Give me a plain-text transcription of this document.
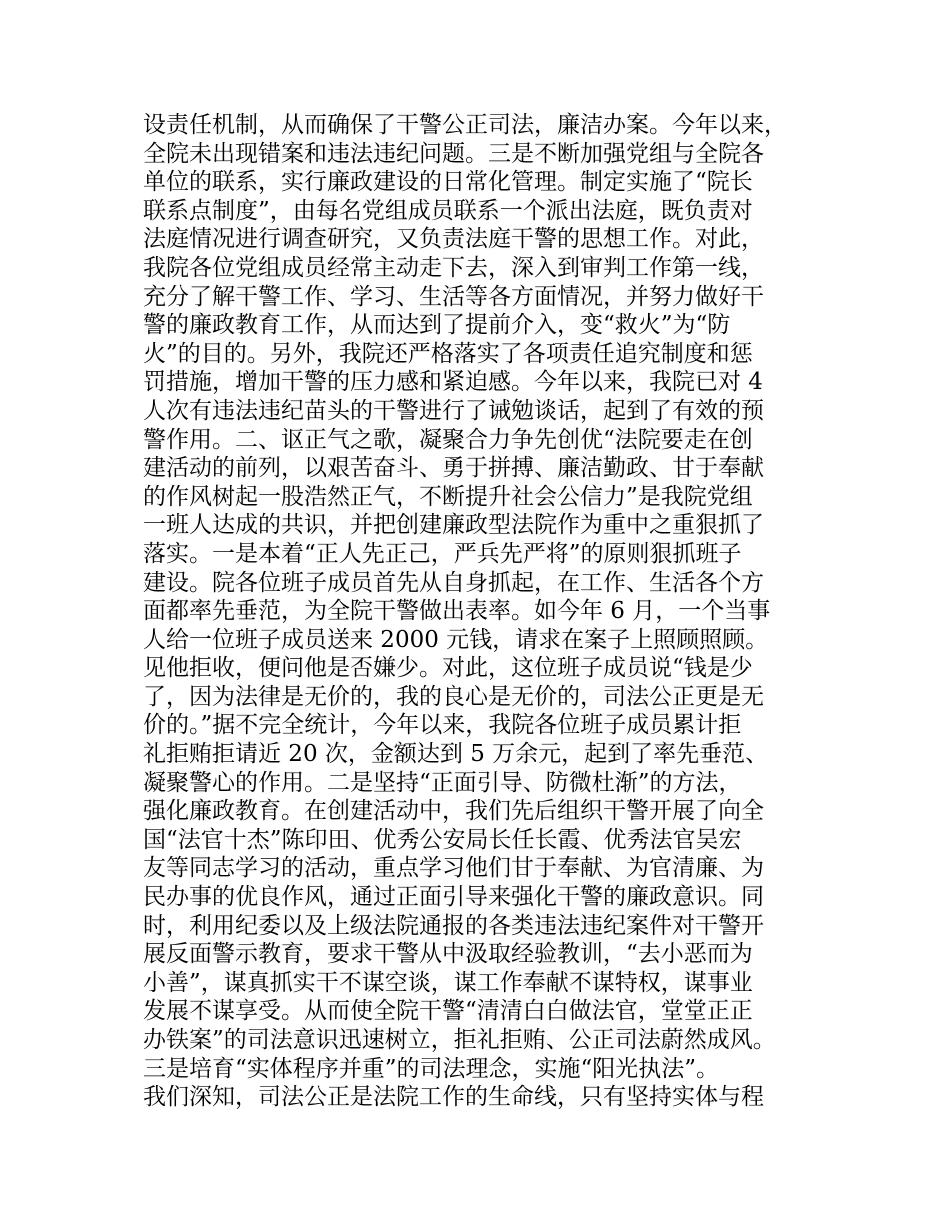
设责任机制，从而确保了干警公正司法，廉洁办案。今年以来，
全院未出现错案和违法违纪问题。三是不断加强党组与全院各
单位的联系，实行廉政建设的日常化管理。制定实施了“院长
联系点制度”，由每名党组成员联系一个派出法庭，既负责对
法庭情况进行调查研究，又负责法庭干警的思想工作。对此，
我院各位党组成员经常主动走下去，深入到审判工作第一线，
充分了解干警工作、学习、生活等各方面情况，并努力做好干
警的廉政教育工作，从而达到了提前介入，变“救火”为“防
火”的目的。另外，我院还严格落实了各项责任追究制度和惩
罚措施，增加干警的压力感和紧迫感。今年以来，我院已对 4
人次有违法违纪苗头的干警进行了诫勉谈话，起到了有效的预
警作用。二、讴正气之歌，凝聚合力争先创优“法院要走在创
建活动的前列，以艰苦奋斗、勇于拼搏、廉洁勤政、甘于奉献
的作风树起一股浩然正气，不断提升社会公信力”是我院党组
一班人达成的共识，并把创建廉政型法院作为重中之重狠抓了
落实。一是本着“正人先正己，严兵先严将”的原则狠抓班子
建设。院各位班子成员首先从自身抓起，在工作、生活各个方
面都率先垂范，为全院干警做出表率。如今年 6 月，一个当事
人给一位班子成员送来 2000 元钱，请求在案子上照顾照顾。
见他拒收，便问他是否嫌少。对此，这位班子成员说“钱是少
了，因为法律是无价的，我的良心是无价的，司法公正更是无
价的。”据不完全统计，今年以来，我院各位班子成员累计拒
礼拒贿拒请近 20 次，金额达到 5 万余元，起到了率先垂范、
凝聚警心的作用。二是坚持“正面引导、防微杜渐”的方法，
强化廉政教育。在创建活动中，我们先后组织干警开展了向全
国“法官十杰”陈印田、优秀公安局长任长霞、优秀法官吴宏
友等同志学习的活动，重点学习他们甘于奉献、为官清廉、为
民办事的优良作风，通过正面引导来强化干警的廉政意识。同
时，利用纪委以及上级法院通报的各类违法违纪案件对干警开
展反面警示教育，要求干警从中汲取经验教训，“去小恶而为
小善”，谋真抓实干不谋空谈，谋工作奉献不谋特权，谋事业
发展不谋享受。从而使全院干警“清清白白做法官，堂堂正正
办铁案”的司法意识迅速树立，拒礼拒贿、公正司法蔚然成风。
三是培育“实体程序并重”的司法理念，实施“阳光执法”。
我们深知，司法公正是法院工作的生命线，只有坚持实体与程
